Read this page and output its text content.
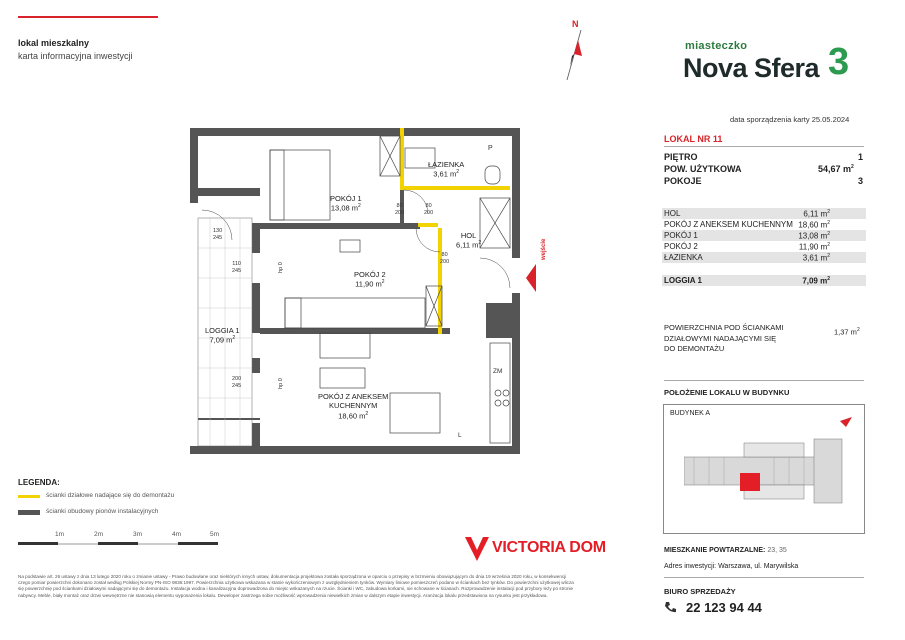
lokal mieszkalny
karta informacyjna inwestycji
N
miasteczko
Nova Sfera 3
data sporządzenia karty 25.05.2024
LOKAL NR 11
PIĘTRO	1
POW. UŻYTKOWA	54,67 $m^2$
POKOJE	3
HOL	6,11 $m^2$
POKÓJ Z ANEKSEM KUCHENNYM 18,60 $m^2$
POKÓJ 1	13,08 $m^2$
POKÓJ 2	11,90 $m^2$
ŁAZIENKA	3,61 $m^2$
LOGGIA 1	7,09 $m^2$
POWIERZCHNIA POD ŚCIANKAMI
DZIAŁOWYMI NADAJĄCYMI SIĘ
DO DEMONTAŻU
1,37 $m^2$
POŁOŻENIE LOKALU W BUDYNKU
BUDYNEK A
MIESZKANIE POWTARZALNE: 23, 35
Adres inwestycji: Warszawa, ul. Marywilska
BIURO SPRZEDAŻY
22 123 94 44
ŁAZIENKA
3,61 $m^2$
POKÓJ 1
13,08 $m^2$
HOL
6,11 $m^2$
POKÓJ 2
11,90 $m^2$
POKÓJ Z ANEKSEM
KUCHENNYM
18,60 $m^2$
LOGGIA 1
7,09 $m^2$
wejście
80
200
80
200
80
200
110
245
130
245
200
245
P
ZM
L
hp 0
hp 0
LEGENDA:
ścianki działowe nadające się do demontażu
ścianki obudowy pionów instalacyjnych
1m	2m	3m	4m	5m
VICTORIA DOM
Na podstawie art. 26 ustawy z dnia 13 lutego 2020 roku o zmianie ustawy - Prawo budowlane oraz niektórych innych ustaw, dokumentacja projektowa została sporządzona w oparciu o przepisy w brzmieniu obowiązującym do dnia 19 września 2020 roku, w konsekwencji czego pomiar powierzchni dokonano został według Polskiej Normy PN-ISO 9836:1997. Powierzchnia użytkowa wskazana w stanie wykończeniowym z uwzględnieniem tynków. Wymiary liniowe pomieszczeń podano w ściankach bez tynków. Do powierzchni użytkowej wlicza się powierzchnię pod ściankami działowymi nadającymi się do demontażu. Instalacja wodna i kanalizacyjna doprowadzona do miejsc wskazanych na rzucie. Ścianki i WC, zabudowa korkami, nie schowane w ścianach. Rozprowadzenie instalacji pod przybory leży po stronie nabywcy. Meble, biały montaż oraz drzwi wewnętrzne nie stanowią elementu wyposażenia lokalu. Deweloper zastrzega sobie możliwość wprowadzenia niewielkich zmian w dalszym etapie inwestycji. Aranżacja lokalu przedstawiona na rysunku jest przykładowa.
